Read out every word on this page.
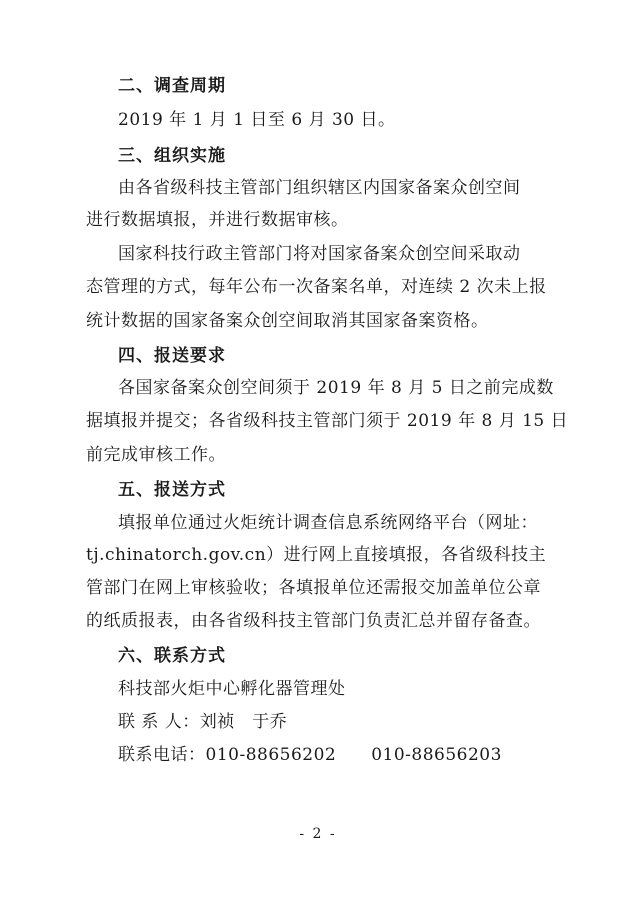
二、调查周期
2019 年 1 月 1 日至 6 月 30 日。
三、组织实施
由各省级科技主管部门组织辖区内国家备案众创空间
进行数据填报，并进行数据审核。
国家科技行政主管部门将对国家备案众创空间采取动
态管理的方式，每年公布一次备案名单，对连续 2 次未上报
统计数据的国家备案众创空间取消其国家备案资格。
四、报送要求
各国家备案众创空间须于 2019 年 8 月 5 日之前完成数
据填报并提交；各省级科技主管部门须于 2019 年 8 月 15 日
前完成审核工作。
五、报送方式
填报单位通过火炬统计调查信息系统网络平台（网址：
tj.chinatorch.gov.cn）进行网上直接填报，各省级科技主
管部门在网上审核验收；各填报单位还需报交加盖单位公章
的纸质报表，由各省级科技主管部门负责汇总并留存备查。
六、联系方式
科技部火炬中心孵化器管理处
联 系 人：刘祯　于乔
联系电话：010-88656202　　010-88656203
- 2 -
